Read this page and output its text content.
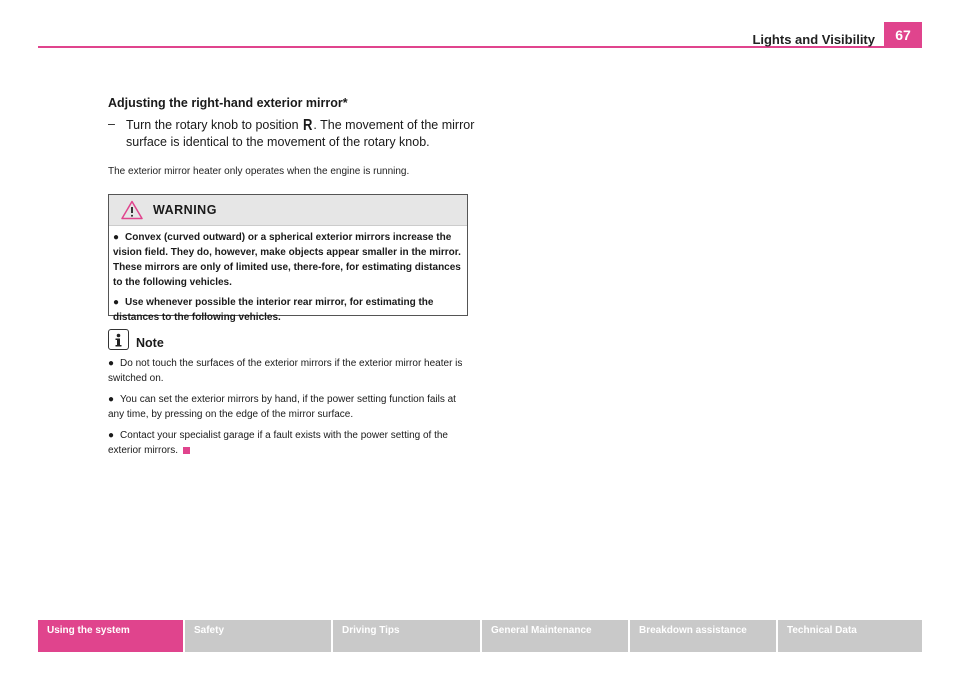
Lights and Visibility	67
Adjusting the right-hand exterior mirror*
– Turn the rotary knob to position R. The movement of the mirror surface is identical to the movement of the rotary knob.
The exterior mirror heater only operates when the engine is running.
WARNING

● Convex (curved outward) or a spherical exterior mirrors increase the vision field. They do, however, make objects appear smaller in the mirror. These mirrors are only of limited use, there-fore, for estimating distances to the following vehicles.

● Use whenever possible the interior rear mirror, for estimating the distances to the following vehicles.

Note

● Do not touch the surfaces of the exterior mirrors if the exterior mirror heater is switched on.

● You can set the exterior mirrors by hand, if the power setting function fails at any time, by pressing on the edge of the mirror surface.

● Contact your specialist garage if a fault exists with the power setting of the exterior mirrors.

Using the system	Safety	Driving Tips	General Maintenance	Breakdown assistance	Technical Data
